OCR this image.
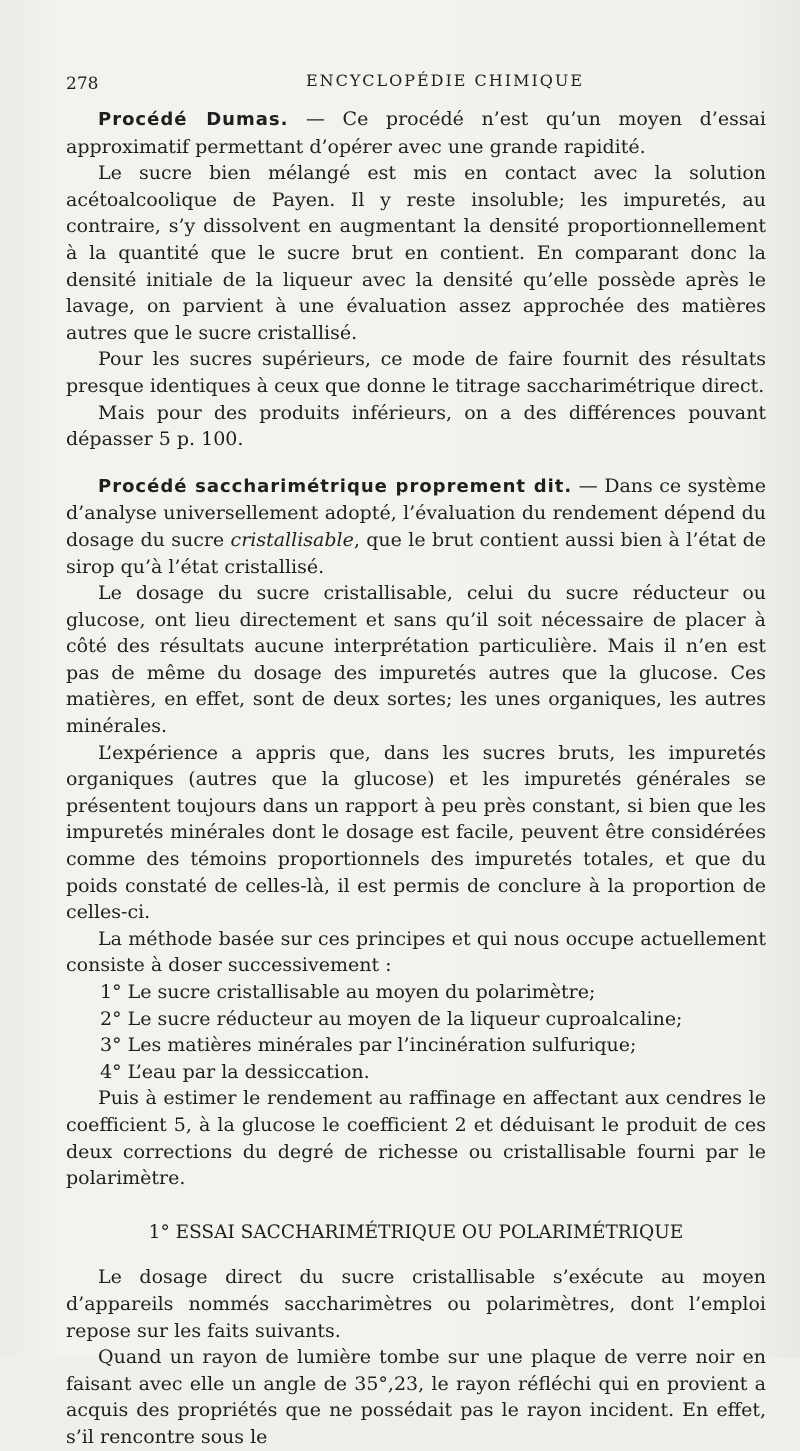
278	ENCYCLOPÉDIE CHIMIQUE

Procédé Dumas. — Ce procédé n’est qu’un moyen d’essai approximatif permettant d’opérer avec une grande rapidité.

Le sucre bien mélangé est mis en contact avec la solution acétoalcoolique de Payen. Il y reste insoluble; les impuretés, au contraire, s’y dissolvent en augmentant la densité proportionnellement à la quantité que le sucre brut en contient. En comparant donc la densité initiale de la liqueur avec la densité qu’elle possède après le lavage, on parvient à une évaluation assez approchée des matières autres que le sucre cristallisé.

Pour les sucres supérieurs, ce mode de faire fournit des résultats presque identiques à ceux que donne le titrage saccharimétrique direct.

Mais pour des produits inférieurs, on a des différences pouvant dépasser 5 p. 100.

Procédé saccharimétrique proprement dit. — Dans ce système d’analyse universellement adopté, l’évaluation du rendement dépend du dosage du sucre cristallisable, que le brut contient aussi bien à l’état de sirop qu’à l’état cristallisé.

Le dosage du sucre cristallisable, celui du sucre réducteur ou glucose, ont lieu directement et sans qu’il soit nécessaire de placer à côté des résultats aucune interprétation particulière. Mais il n’en est pas de même du dosage des impuretés autres que la glucose. Ces matières, en effet, sont de deux sortes; les unes organiques, les autres minérales.

L’expérience a appris que, dans les sucres bruts, les impuretés organiques (autres que la glucose) et les impuretés générales se présentent toujours dans un rapport à peu près constant, si bien que les impuretés minérales dont le dosage est facile, peuvent être considérées comme des témoins proportionnels des impuretés totales, et que du poids constaté de celles-là, il est permis de conclure à la proportion de celles-ci.

La méthode basée sur ces principes et qui nous occupe actuellement consiste à doser successivement :

1° Le sucre cristallisable au moyen du polarimètre;

2° Le sucre réducteur au moyen de la liqueur cuproalcaline;

3° Les matières minérales par l’incinération sulfurique;

4° L’eau par la dessiccation.

Puis à estimer le rendement au raffinage en affectant aux cendres le coefficient 5, à la glucose le coefficient 2 et déduisant le produit de ces deux corrections du degré de richesse ou cristallisable fourni par le polarimètre.

1° ESSAI SACCHARIMÉTRIQUE OU POLARIMÉTRIQUE

Le dosage direct du sucre cristallisable s’exécute au moyen d’appareils nommés saccharimètres ou polarimètres, dont l’emploi repose sur les faits suivants.

Quand un rayon de lumière tombe sur une plaque de verre noir en faisant avec elle un angle de 35°,23, le rayon réfléchi qui en provient a acquis des propriétés que ne possédait pas le rayon incident. En effet, s’il rencontre sous le
